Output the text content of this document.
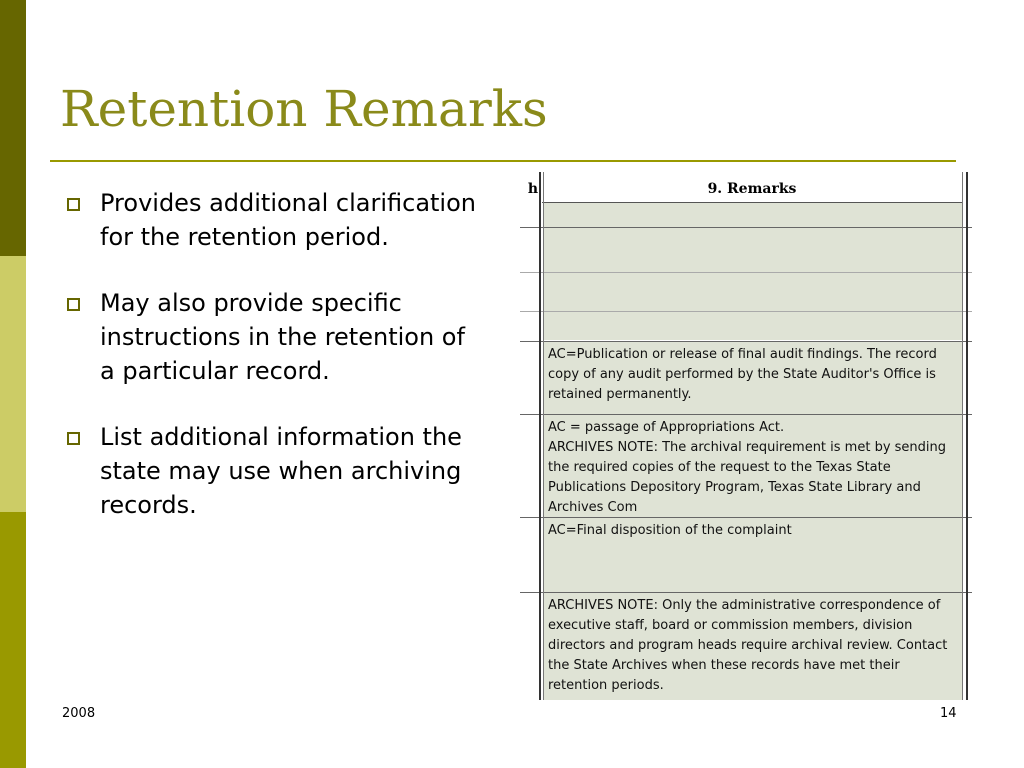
Retention Remarks
Provides additional clarification for the retention period.
May also provide specific instructions in the retention of a particular record.
List additional information the state may use when archiving records.
h	9. Remarks
AC=Publication or release of final audit findings. The record copy of any audit performed by the State Auditor's Office is retained permanently.
AC = passage of Appropriations Act.
ARCHIVES NOTE: The archival requirement is met by sending the required copies of the request to the Texas State Publications Depository Program, Texas State Library and Archives Com
AC=Final disposition of the complaint
ARCHIVES NOTE: Only the administrative correspondence of executive staff, board or commission members, division directors and program heads require archival review. Contact the State Archives when these records have met their retention periods.
2008	14
